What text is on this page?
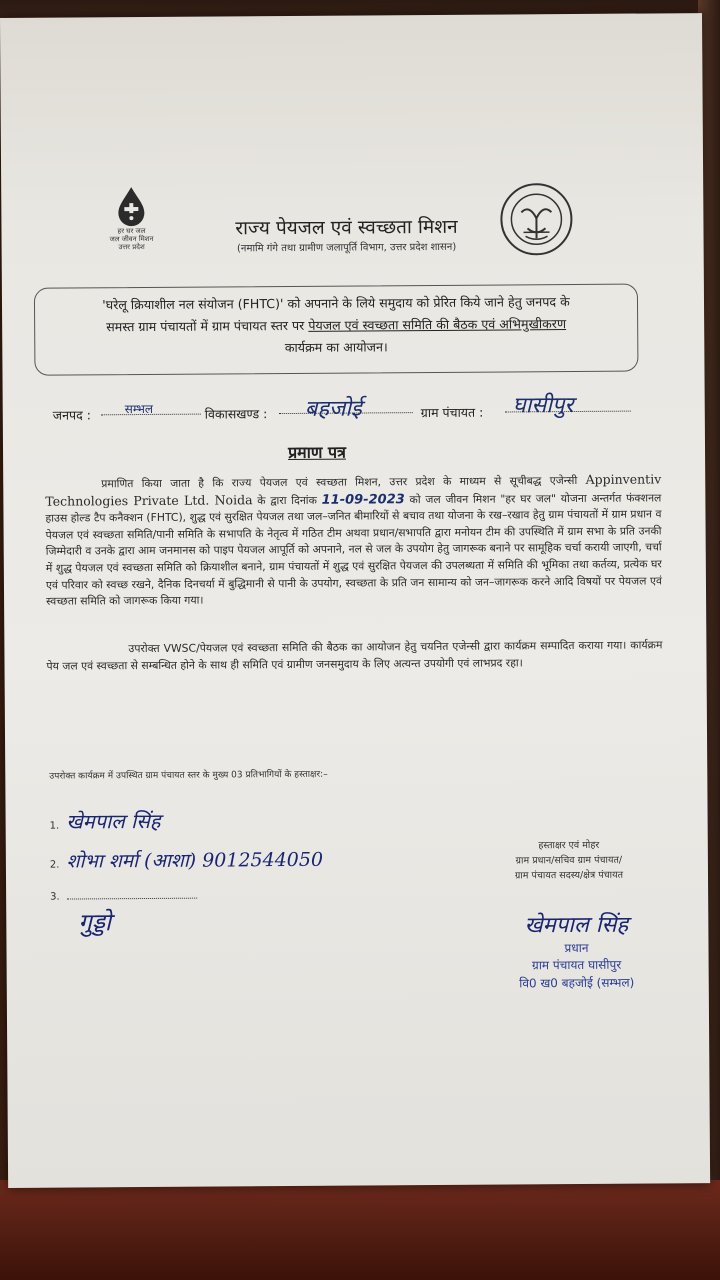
हर घर जल
जल जीवन मिशन
उत्तर प्रदेश
राज्य पेयजल एवं स्वच्छता मिशन
(नमामि गंगे तथा ग्रामीण जलापूर्ति विभाग, उत्तर प्रदेश शासन)
'घरेलू क्रियाशील नल संयोजन (FHTC)' को अपनाने के लिये समुदाय को प्रेरित किये जाने हेतु जनपद के
समस्त ग्राम पंचायतों में ग्राम पंचायत स्तर पर पेयजल एवं स्वच्छता समिति की बैठक एवं अभिमुखीकरण
कार्यक्रम का आयोजन।
जनपद :	सम्भल	विकासखण्ड : बहजोई	ग्राम पंचायत : घासीपुर
प्रमाण पत्र
प्रमाणित किया जाता है कि राज्य पेयजल एवं स्वच्छता मिशन, उत्तर प्रदेश के माध्यम से सूचीबद्ध एजेन्सी Appinventiv Technologies Private Ltd. Noida के द्वारा दिनांक 11-09-2023 को जल जीवन मिशन "हर घर जल" योजना अन्तर्गत फंक्शनल हाउस होल्ड टैप कनैक्शन (FHTC), शुद्ध एवं सुरक्षित पेयजल तथा जल–जनित बीमारियों से बचाव तथा योजना के रख–रखाव हेतु ग्राम पंचायतों में ग्राम प्रधान व पेयजल एवं स्वच्छता समिति/पानी समिति के सभापति के नेतृत्व में गठित टीम अथवा प्रधान/सभापति द्वारा मनोयन टीम की उपस्थिति में ग्राम सभा के प्रति उनकी जिम्मेदारी व उनके द्वारा आम जनमानस को पाइप पेयजल आपूर्ति को अपनाने, नल से जल के उपयोग हेतु जागरूक बनाने पर सामूहिक चर्चा करायी जाएगी, चर्चा में शुद्ध पेयजल एवं स्वच्छता समिति को क्रियाशील बनाने, ग्राम पंचायतों में शुद्ध एवं सुरक्षित पेयजल की उपलब्धता में समिति की भूमिका तथा कर्तव्य, प्रत्येक घर एवं परिवार को स्वच्छ रखने, दैनिक दिनचर्या में बुद्धिमानी से पानी के उपयोग, स्वच्छता के प्रति जन सामान्य को जन–जागरूक करने आदि विषयों पर पेयजल एवं स्वच्छता समिति को जागरूक किया गया।
उपरोक्त VWSC/पेयजल एवं स्वच्छता समिति की बैठक का आयोजन हेतु चयनित एजेन्सी द्वारा कार्यक्रम सम्पादित कराया गया। कार्यक्रम पेय जल एवं स्वच्छता से सम्बन्धित होने के साथ ही समिति एवं ग्रामीण जनसमुदाय के लिए अत्यन्त उपयोगी एवं लाभप्रद रहा।
उपरोक्त कार्यक्रम में उपस्थित ग्राम पंचायत स्तर के मुख्य 03 प्रतिभागियों के हस्ताक्षर:–
1. खेमपाल सिंह
2. शोभा शर्मा (आशा) 9012544050
3.
गुड्डो
हस्ताक्षर एवं मोहर
ग्राम प्रधान/सचिव ग्राम पंचायत/
ग्राम पंचायत सदस्य/क्षेत्र पंचायत
खेमपाल सिंह
प्रधान
ग्राम पंचायत घासीपुर
वि0 ख0 बहजोई (सम्भल)
